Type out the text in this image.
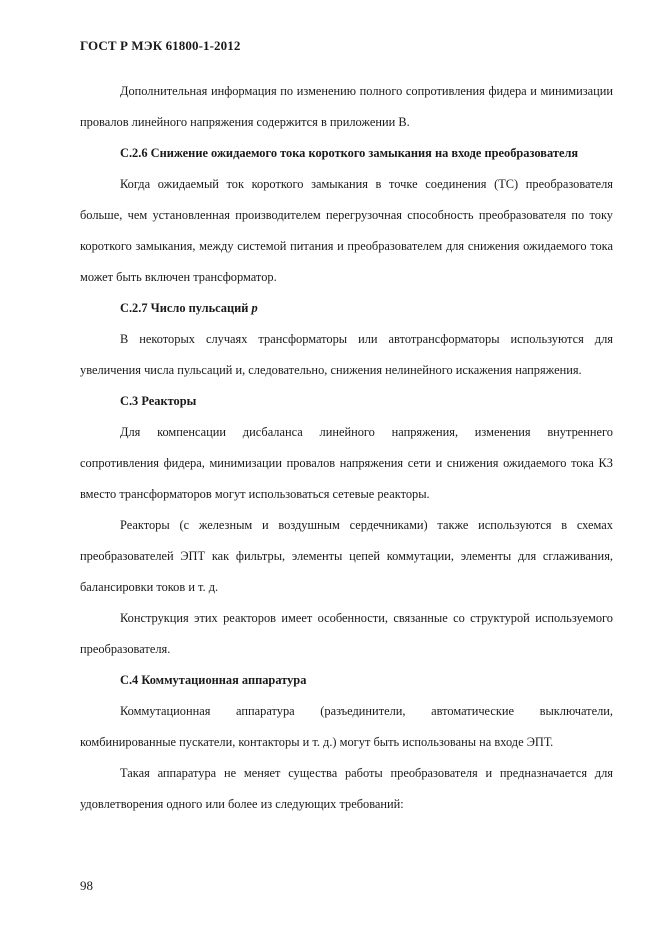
ГОСТ Р МЭК 61800-1-2012

Дополнительная информация по изменению полного сопротивления фидера и минимизации провалов линейного напряжения содержится в приложении В.

С.2.6 Снижение ожидаемого тока короткого замыкания на входе преобразователя

Когда ожидаемый ток короткого замыкания в точке соединения (ТС) преобразователя больше, чем установленная производителем перегрузочная способность преобразователя по току короткого замыкания, между системой питания и преобразователем для снижения ожидаемого тока может быть включен трансформатор.

С.2.7 Число пульсаций p

В некоторых случаях трансформаторы или автотрансформаторы используются для увеличения числа пульсаций и, следовательно, снижения нелинейного искажения напряжения.

С.3 Реакторы

Для компенсации дисбаланса линейного напряжения, изменения внутреннего сопротивления фидера, минимизации провалов напряжения сети и снижения ожидаемого тока КЗ вместо трансформаторов могут использоваться сетевые реакторы.

Реакторы (с железным и воздушным сердечниками) также используются в схемах преобразователей ЭПТ как фильтры, элементы цепей коммутации, элементы для сглаживания, балансировки токов и т. д.

Конструкция этих реакторов имеет особенности, связанные со структурой используемого преобразователя.

С.4 Коммутационная аппаратура

Коммутационная аппаратура (разъединители, автоматические выключатели, комбинированные пускатели, контакторы и т. д.) могут быть использованы на входе ЭПТ.

Такая аппаратура не меняет существа работы преобразователя и предназначается для удовлетворения одного или более из следующих требований:

98
